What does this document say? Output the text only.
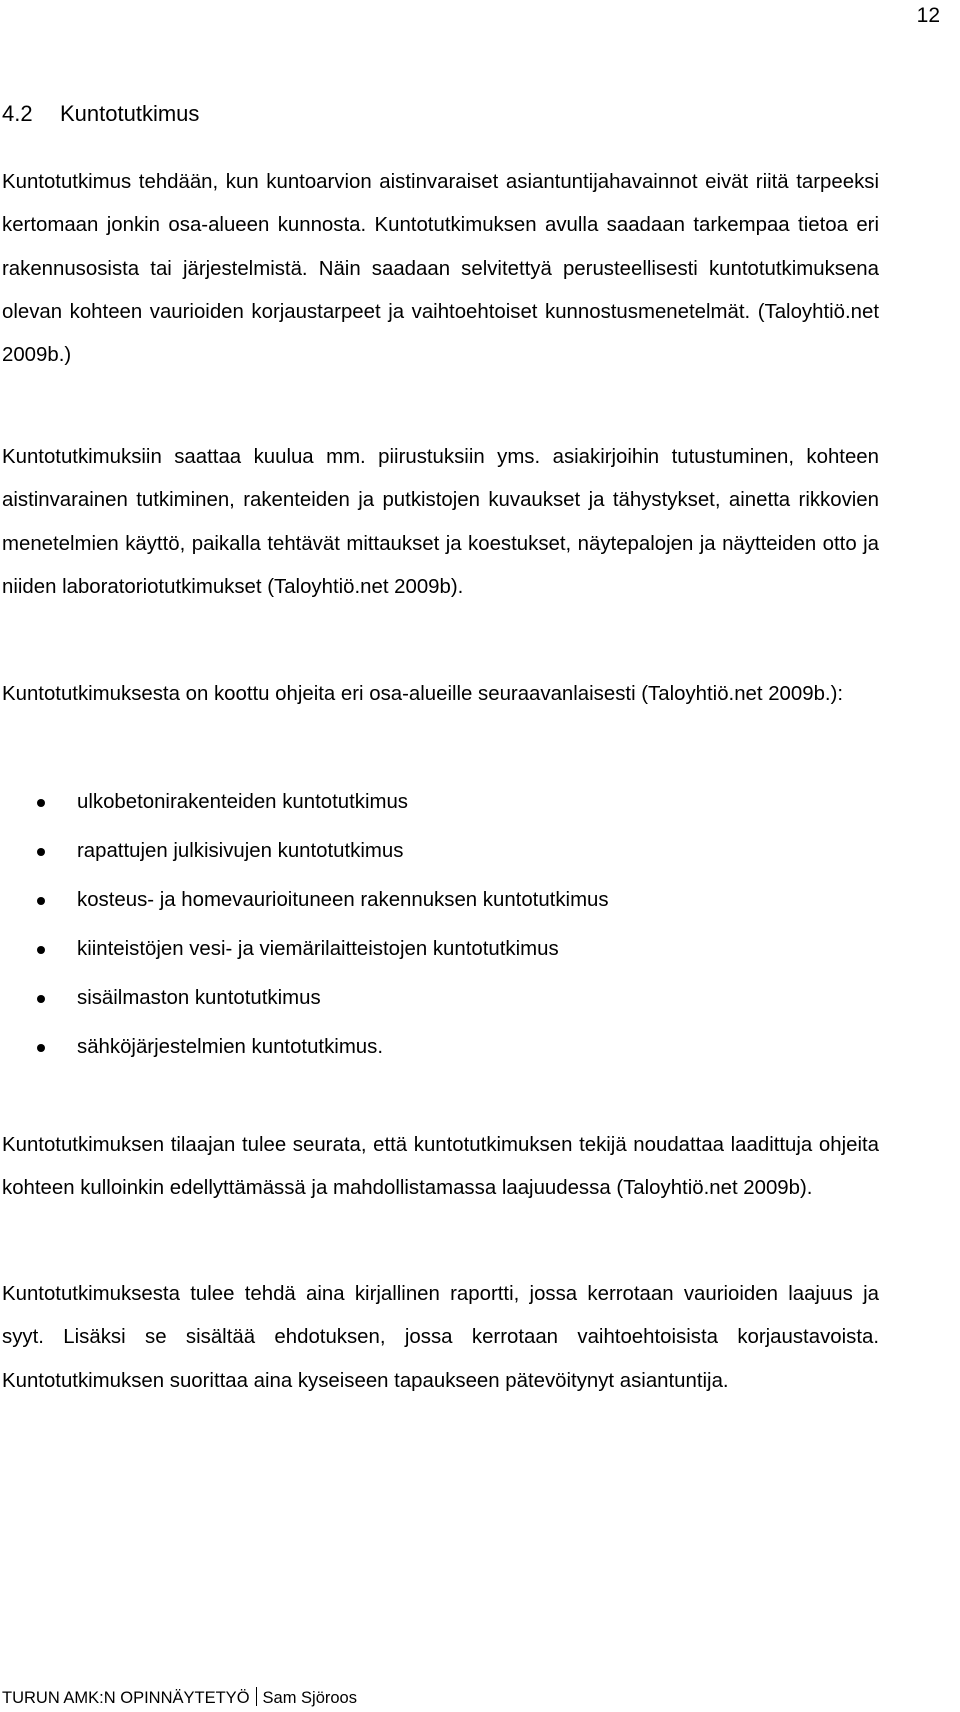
12
4.2 Kuntotutkimus

Kuntotutkimus tehdään, kun kuntoarvion aistinvaraiset asiantuntijahavainnot eivät riitä tarpeeksi kertomaan jonkin osa-alueen kunnosta. Kuntotutkimuksen avulla saadaan tarkempaa tietoa eri rakennusosista tai järjestelmistä. Näin saadaan selvitettyä perusteellisesti kuntotutkimuksena olevan kohteen vaurioiden korjaustarpeet ja vaihtoehtoiset kunnostusmenetelmät. (Taloyhtiö.net 2009b.)

Kuntotutkimuksiin saattaa kuulua mm. piirustuksiin yms. asiakirjoihin tutustuminen, kohteen aistinvarainen tutkiminen, rakenteiden ja putkistojen kuvaukset ja tähystykset, ainetta rikkovien menetelmien käyttö, paikalla tehtävät mittaukset ja koestukset, näytepalojen ja näytteiden otto ja niiden laboratoriotutkimukset (Taloyhtiö.net 2009b).

Kuntotutkimuksesta on koottu ohjeita eri osa-alueille seuraavanlaisesti (Taloyhtiö.net 2009b.):

ulkobetonirakenteiden kuntotutkimus
rapattujen julkisivujen kuntotutkimus
kosteus- ja homevaurioituneen rakennuksen kuntotutkimus
kiinteistöjen vesi- ja viemärilaitteistojen kuntotutkimus
sisäilmaston kuntotutkimus
sähköjärjestelmien kuntotutkimus.

Kuntotutkimuksen tilaajan tulee seurata, että kuntotutkimuksen tekijä noudattaa laadittuja ohjeita kohteen kulloinkin edellyttämässä ja mahdollistamassa laajuudessa (Taloyhtiö.net 2009b).

Kuntotutkimuksesta tulee tehdä aina kirjallinen raportti, jossa kerrotaan vaurioiden laajuus ja syyt. Lisäksi se sisältää ehdotuksen, jossa kerrotaan vaihtoehtoisista korjaustavoista. Kuntotutkimuksen suorittaa aina kyseiseen tapaukseen pätevöitynyt asiantuntija.

TURUN AMK:N OPINNÄYTETYÖ Sam Sjöroos
